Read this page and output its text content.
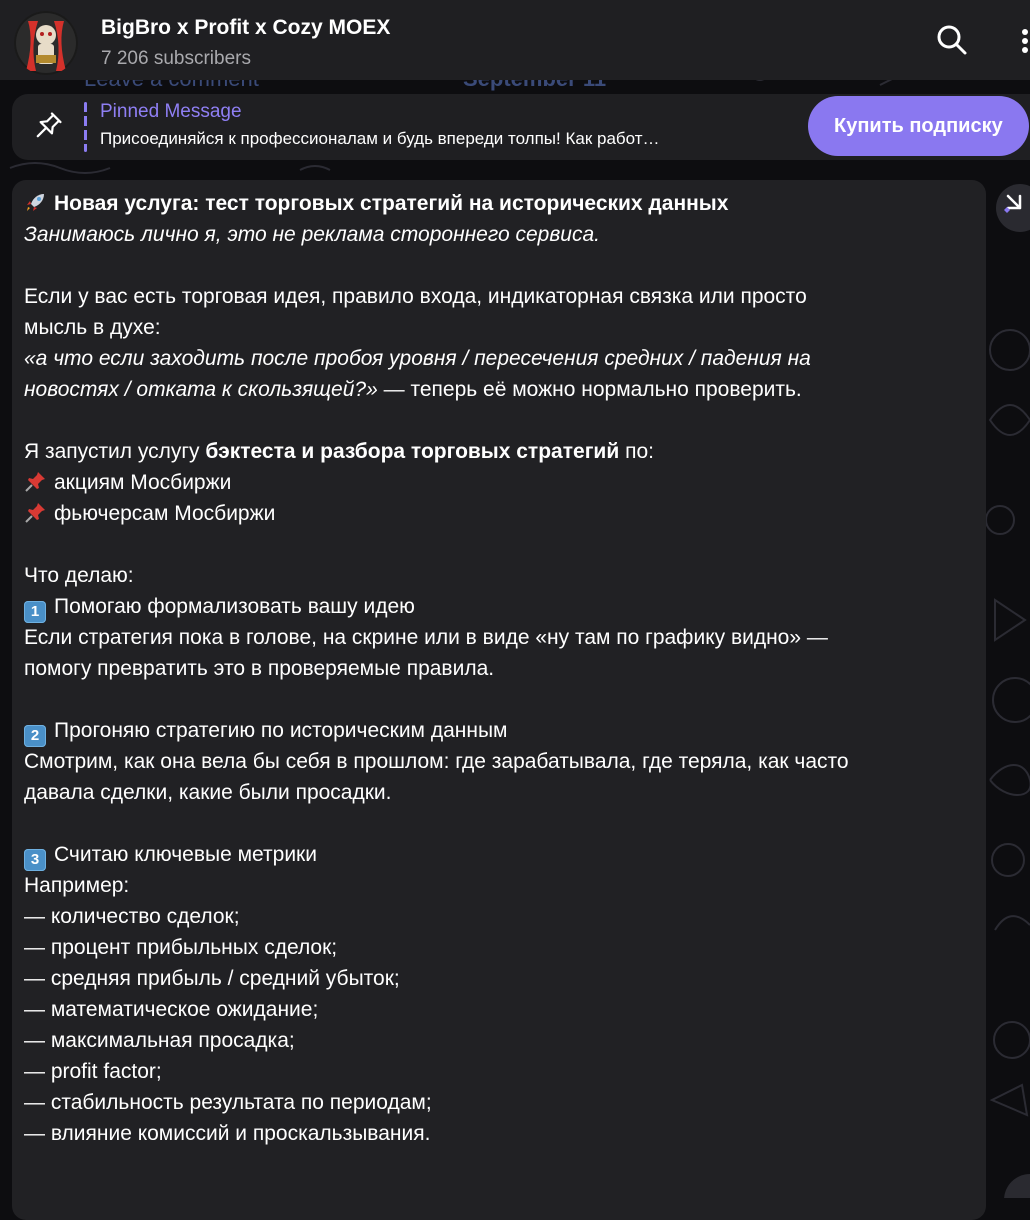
BigBro x Profit x Cozy MOEX
7 206 subscribers
Pinned Message
Присоединяйся к профессионалам и будь впереди толпы! Как работ…
Купить подписку
Новая услуга: тест торговых стратегий на исторических данных
Занимаюсь лично я, это не реклама стороннего сервиса.
Если у вас есть торговая идея, правило входа, индикаторная связка или просто
мысль в духе:
«а что если заходить после пробоя уровня / пересечения средних / падения на
новостях / отката к скользящей?» — теперь её можно нормально проверить.
Я запустил услугу бэктеста и разбора торговых стратегий по:
акциям Мосбиржи
фьючерсам Мосбиржи
Что делаю:
1 Помогаю формализовать вашу идею
Если стратегия пока в голове, на скрине или в виде «ну там по графику видно» —
помогу превратить это в проверяемые правила.
2 Прогоняю стратегию по историческим данным
Смотрим, как она вела бы себя в прошлом: где зарабатывала, где теряла, как часто
давала сделки, какие были просадки.
3 Считаю ключевые метрики
Например:
— количество сделок;
— процент прибыльных сделок;
— средняя прибыль / средний убыток;
— математическое ожидание;
— максимальная просадка;
— profit factor;
— стабильность результата по периодам;
— влияние комиссий и проскальзывания.
